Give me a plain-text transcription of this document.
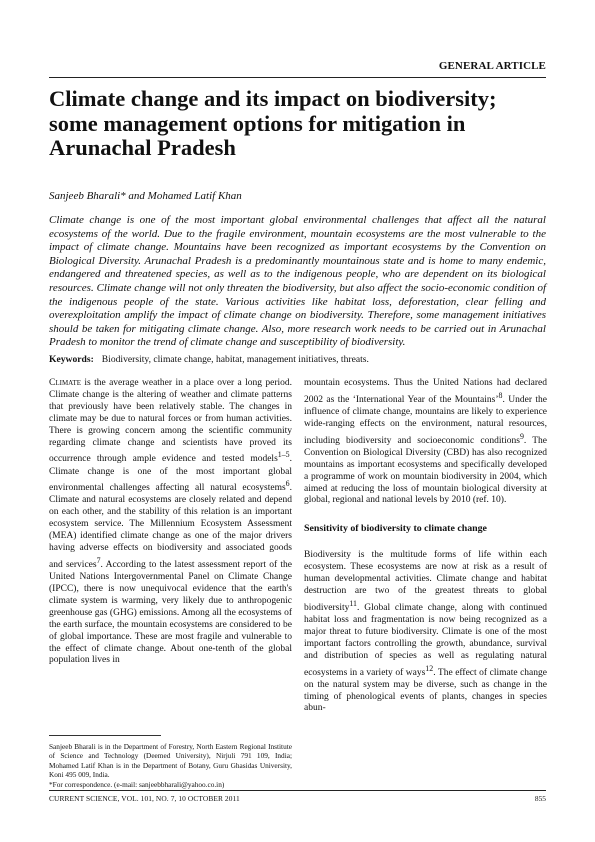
GENERAL ARTICLE
Climate change and its impact on biodiversity; some management options for mitigation in Arunachal Pradesh
Sanjeeb Bharali* and Mohamed Latif Khan
Climate change is one of the most important global environmental challenges that affect all the natural ecosystems of the world. Due to the fragile environment, mountain ecosystems are the most vulnerable to the impact of climate change. Mountains have been recognized as important ecosystems by the Convention on Biological Diversity. Arunachal Pradesh is a predominantly mountainous state and is home to many endemic, endangered and threatened species, as well as to the indigenous people, who are dependent on its biological resources. Climate change will not only threaten the biodiversity, but also affect the socio-economic condition of the indigenous people of the state. Various activities like habitat loss, deforestation, clear felling and overexploitation amplify the impact of climate change on biodiversity. Therefore, some management initiatives should be taken for mitigating climate change. Also, more research work needs to be carried out in Arunachal Pradesh to monitor the trend of climate change and susceptibility of biodiversity.
Keywords: Biodiversity, climate change, habitat, management initiatives, threats.

Climate is the average weather in a place over a long period. Climate change is the altering of weather and climate patterns that previously have been relatively stable. The changes in climate may be due to natural forces or from human activities. There is growing concern among the scientific community regarding climate change and scientists have proved its occurrence through ample evidence and tested models$^{1-5}$. Climate change is one of the most important global environmental challenges affecting all natural ecosystems$^6$. Climate and natural ecosystems are closely related and depend on each other, and the stability of this relation is an important ecosystem service. The Millennium Ecosystem Assessment (MEA) identified climate change as one of the major drivers having adverse effects on biodiversity and associated goods and services$^7$. According to the latest assessment report of the United Nations Intergovernmental Panel on Climate Change (IPCC), there is now unequivocal evidence that the earth's climate system is warming, very likely due to anthropogenic greenhouse gas (GHG) emissions. Among all the ecosystems of the earth surface, the mountain ecosystems are considered to be of global importance. These are most fragile and vulnerable to the effect of climate change. About one-tenth of the global population lives in

mountain ecosystems. Thus the United Nations had declared 2002 as the ‘International Year of the Mountains’$^8$. Under the influence of climate change, mountains are likely to experience wide-ranging effects on the environment, natural resources, including biodiversity and socioeconomic conditions$^9$. The Convention on Biological Diversity (CBD) has also recognized mountains as important ecosystems and specifically developed a programme of work on mountain biodiversity in 2004, which aimed at reducing the loss of mountain biological diversity at global, regional and national levels by 2010 (ref. 10).

Sensitivity of biodiversity to climate change

Biodiversity is the multitude forms of life within each ecosystem. These ecosystems are now at risk as a result of human developmental activities. Climate change and habitat destruction are two of the greatest threats to global biodiversity$^{11}$. Global climate change, along with continued habitat loss and fragmentation is now being recognized as a major threat to future biodiversity. Climate is one of the most important factors controlling the growth, abundance, survival and distribution of species as well as regulating natural ecosystems in a variety of ways$^{12}$. The effect of climate change on the natural system may be diverse, such as change in the timing of phenological events of plants, changes in species abun-

Sanjeeb Bharali is in the Department of Forestry, North Eastern Regional Institute of Science and Technology (Deemed University), Nirjuli 791 109, India; Mohamed Latif Khan is in the Department of Botany, Guru Ghasidas University, Koni 495 009, India.
*For correspondence. (e-mail: sanjeebbharali@yahoo.co.in)
CURRENT SCIENCE, VOL. 101, NO. 7, 10 OCTOBER 2011	855
